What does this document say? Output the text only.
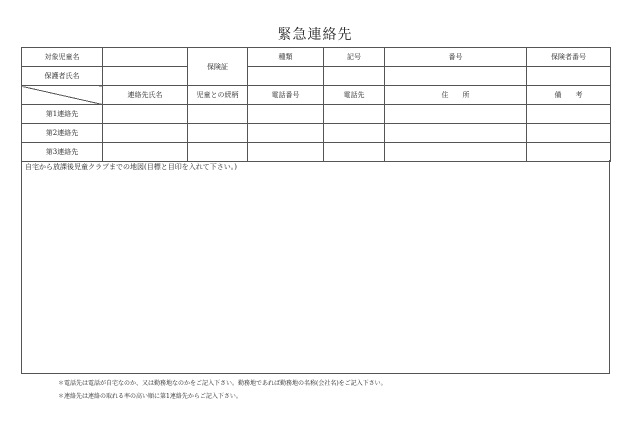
緊急連絡先
対象児童名		保険証	種類	記号	番号	保険者番号
保護者氏名						
	連絡先氏名	児童との続柄	電話番号	電話先	住　　所	備　　考
第1連絡先						
第2連絡先						
第3連絡先						
自宅から放課後児童クラブまでの地図(目標と目印を入れて下さい。)
＊電話先は電話が自宅なのか、又は勤務地なのかをご記入下さい。勤務地であれば勤務地の名称(会社名)をご記入下さい。
＊連絡先は連絡の取れる率の高い順に第1連絡先からご記入下さい。
